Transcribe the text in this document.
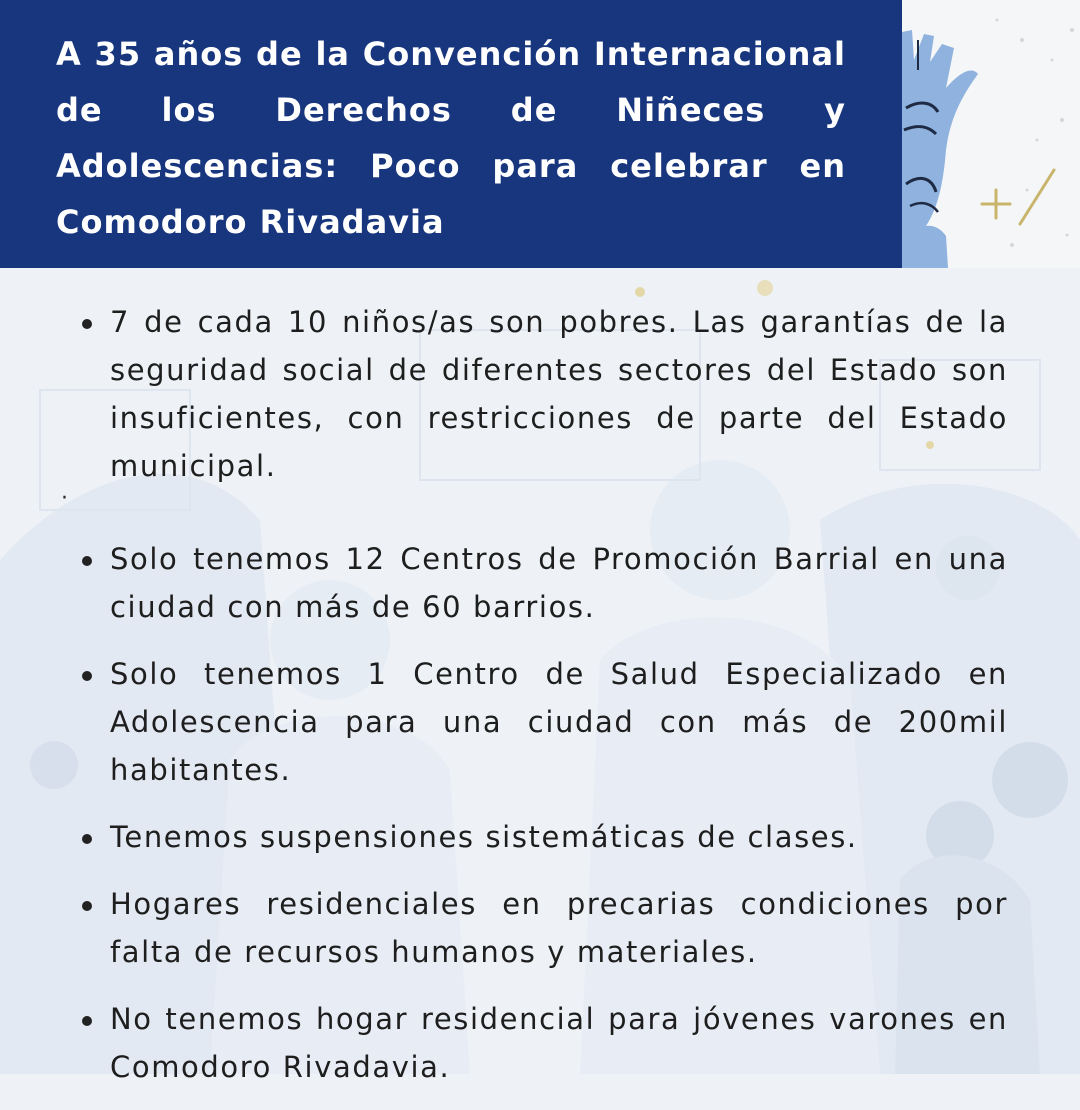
A 35 años de la Convención Internacional de los Derechos de Niñeces y Adolescencias: Poco para celebrar en Comodoro Rivadavia
·
7 de cada 10 niños/as son pobres. Las garantías de la seguridad social de diferentes sectores del Estado son insuficientes, con restricciones de parte del Estado municipal.
Solo tenemos 12 Centros de Promoción Barrial en una ciudad con más de 60 barrios.
Solo tenemos 1 Centro de Salud Especializado en Adolescencia para una ciudad con más de 200mil habitantes.
Tenemos suspensiones sistemáticas de clases.
Hogares residenciales en precarias condiciones por falta de recursos humanos y materiales.
No tenemos hogar residencial para jóvenes varones en Comodoro Rivadavia.
